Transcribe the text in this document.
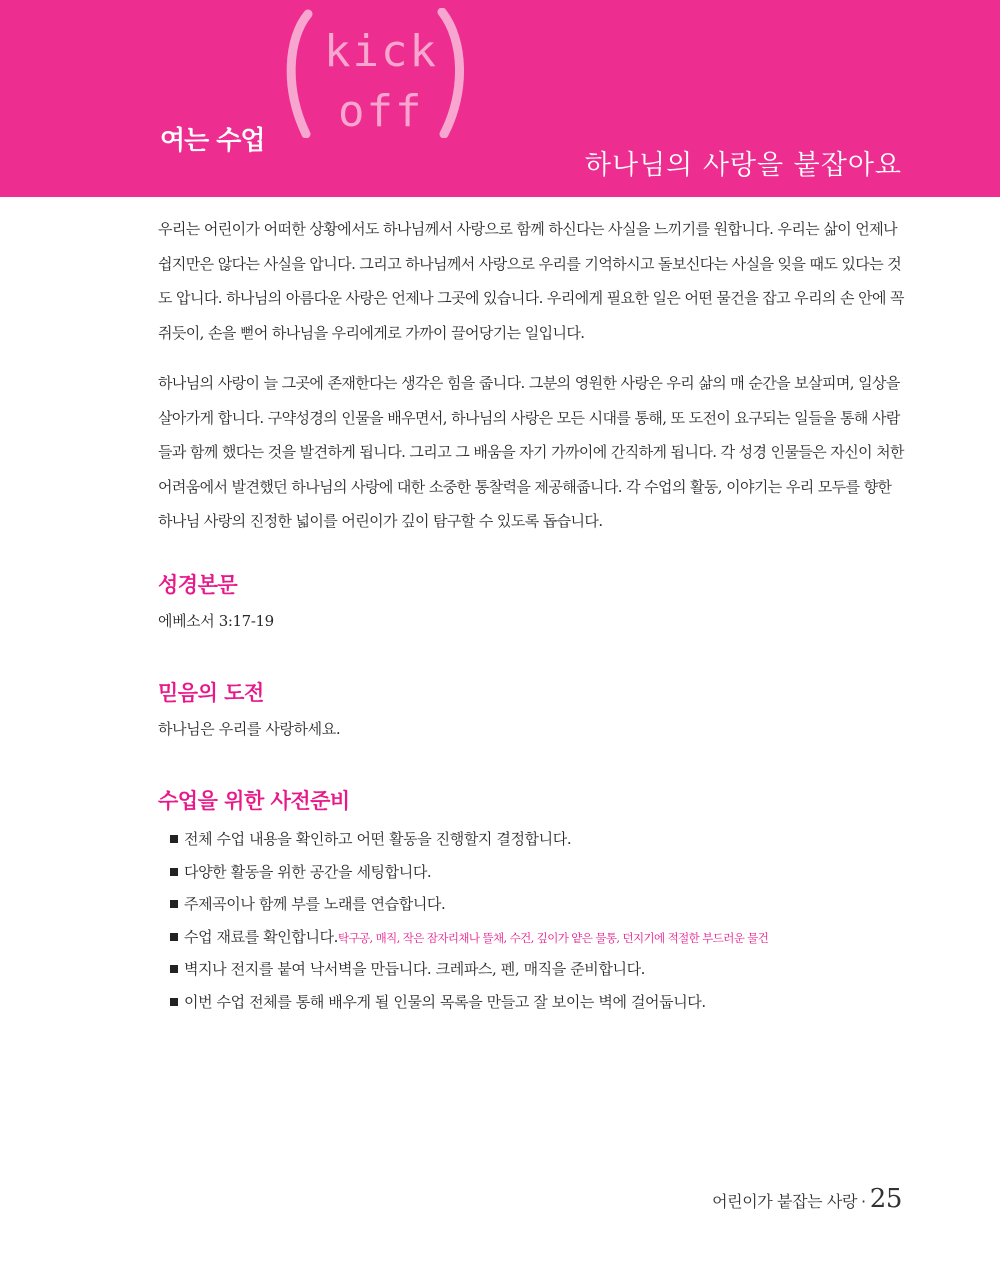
여는 수업
kick
off
하나님의 사랑을 붙잡아요

우리는 어린이가 어떠한 상황에서도 하나님께서 사랑으로 함께 하신다는 사실을 느끼기를 원합니다. 우리는 삶이 언제나 쉽지만은 않다는 사실을 압니다. 그리고 하나님께서 사랑으로 우리를 기억하시고 돌보신다는 사실을 잊을 때도 있다는 것도 압니다. 하나님의 아름다운 사랑은 언제나 그곳에 있습니다. 우리에게 필요한 일은 어떤 물건을 잡고 우리의 손 안에 꼭 쥐듯이, 손을 뻗어 하나님을 우리에게로 가까이 끌어당기는 일입니다.

하나님의 사랑이 늘 그곳에 존재한다는 생각은 힘을 줍니다. 그분의 영원한 사랑은 우리 삶의 매 순간을 보살피며, 일상을 살아가게 합니다. 구약성경의 인물을 배우면서, 하나님의 사랑은 모든 시대를 통해, 또 도전이 요구되는 일들을 통해 사람들과 함께 했다는 것을 발견하게 됩니다. 그리고 그 배움을 자기 가까이에 간직하게 됩니다. 각 성경 인물들은 자신이 처한 어려움에서 발견했던 하나님의 사랑에 대한 소중한 통찰력을 제공해줍니다. 각 수업의 활동, 이야기는 우리 모두를 향한 하나님 사랑의 진정한 넓이를 어린이가 깊이 탐구할 수 있도록 돕습니다.

성경본문

에베소서 3:17-19

믿음의 도전

하나님은 우리를 사랑하세요.

수업을 위한 사전준비
전체 수업 내용을 확인하고 어떤 활동을 진행할지 결정합니다.
다양한 활동을 위한 공간을 세팅합니다.
주제곡이나 함께 부를 노래를 연습합니다.
수업 재료를 확인합니다.탁구공, 매직, 작은 잠자리채나 뜰채, 수건, 깊이가 얕은 물통, 던지기에 적절한 부드러운 물건
벽지나 전지를 붙여 낙서벽을 만듭니다. 크레파스, 펜, 매직을 준비합니다.
이번 수업 전체를 통해 배우게 될 인물의 목록을 만들고 잘 보이는 벽에 걸어둡니다.
어린이가 붙잡는 사랑 · 25
